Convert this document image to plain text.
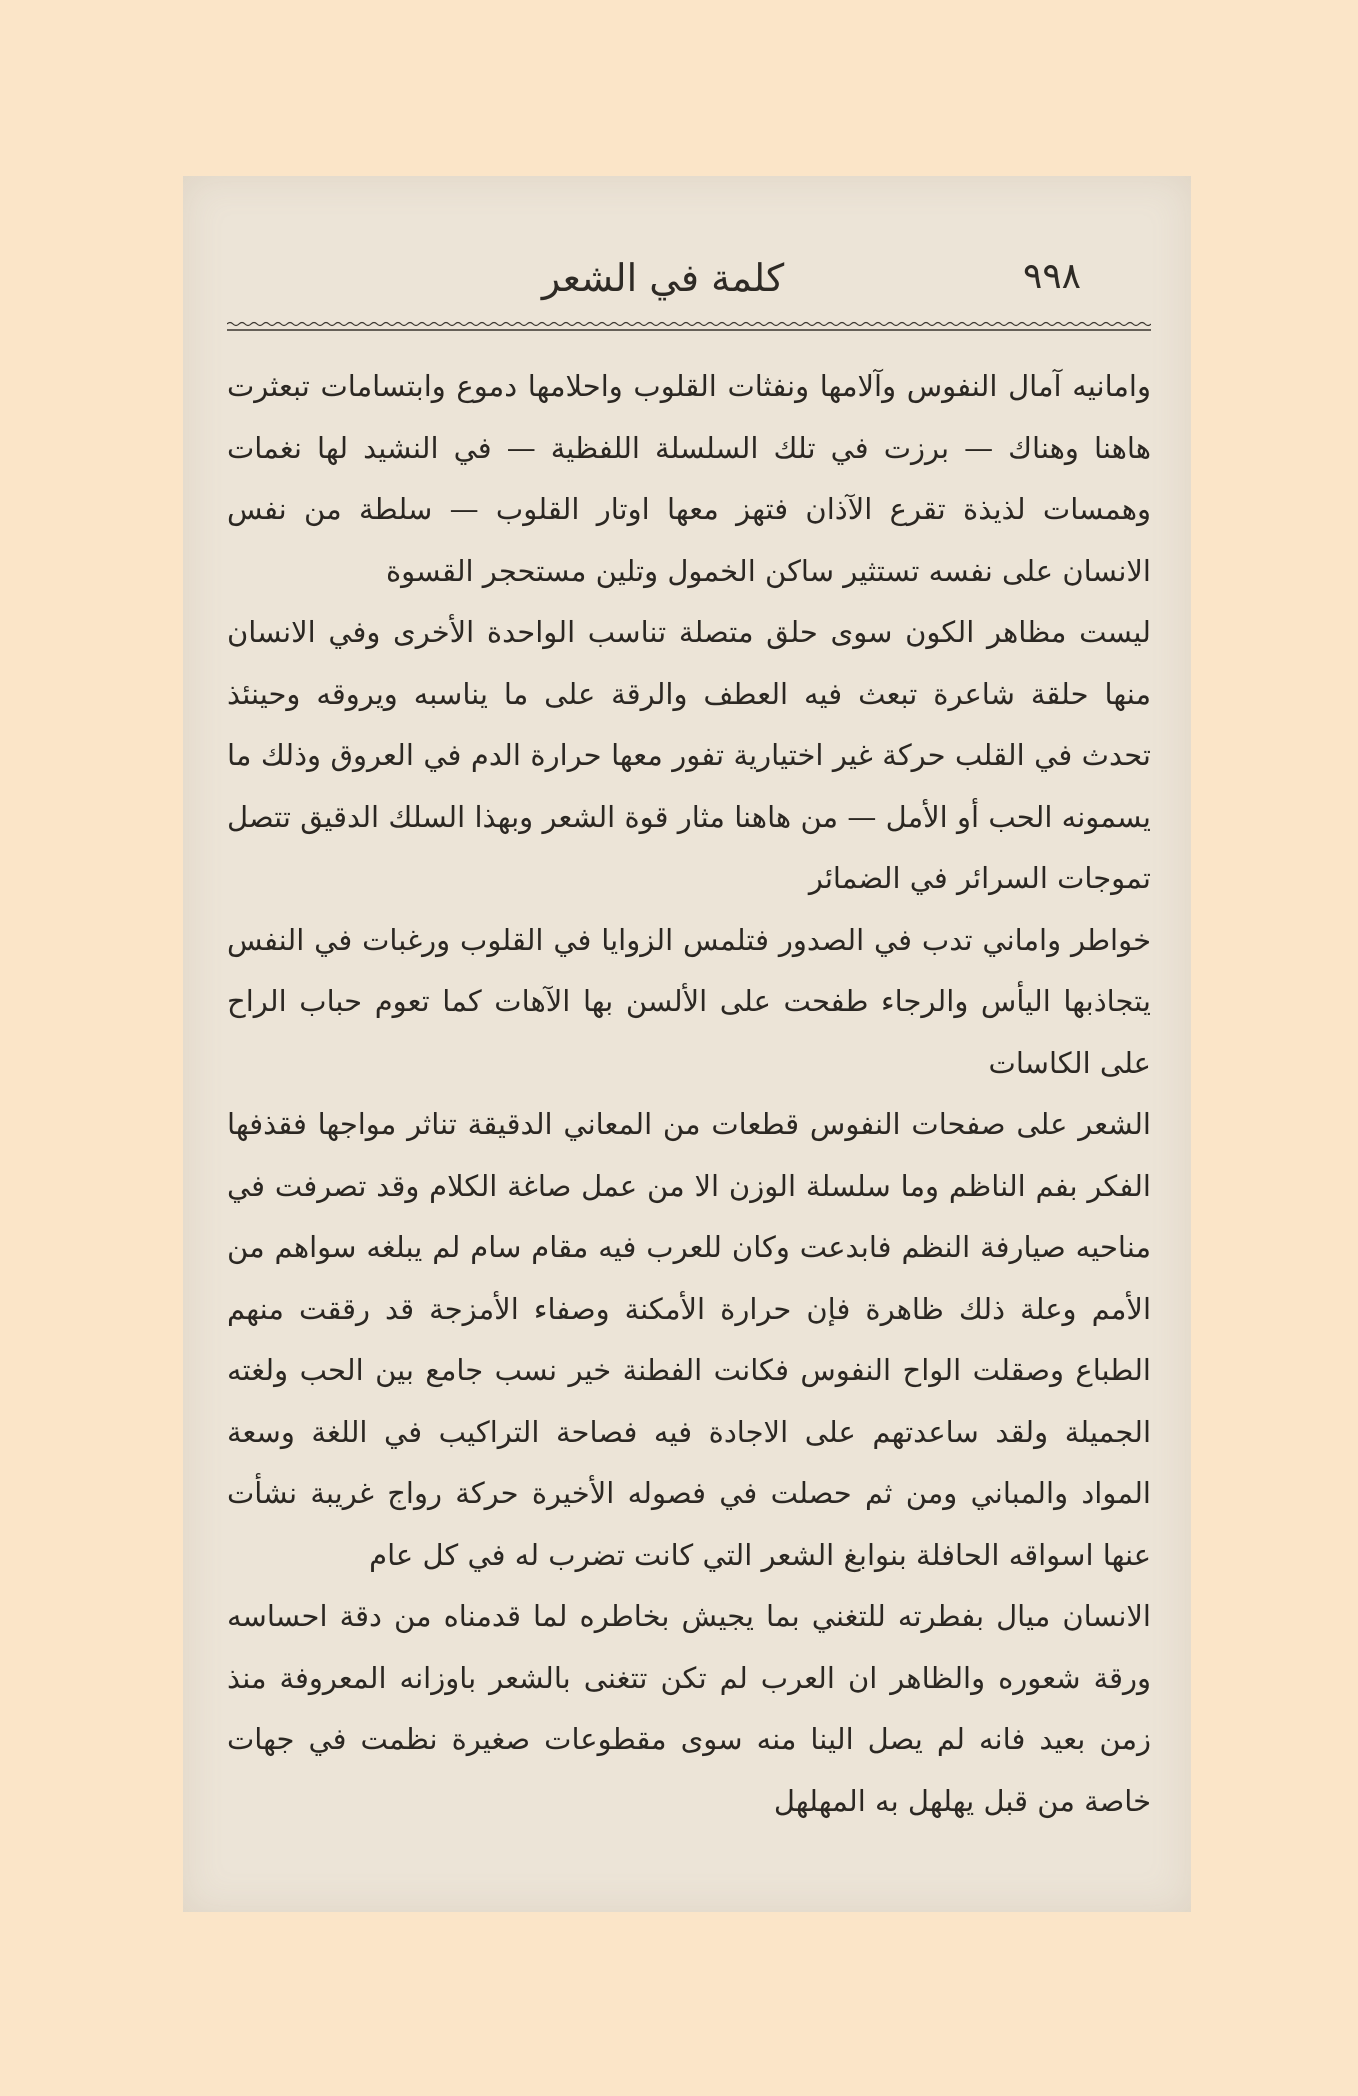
٩٩٨
كلمة في الشعر

وامانيه آمال النفوس وآلامها ونفثات القلوب واحلامها دموع وابتسامات تبعثرت هاهنا وهناك — برزت في تلك السلسلة اللفظية — في النشيد لها نغمات وهمسات لذيذة تقرع الآذان فتهز معها اوتار القلوب — سلطة من نفس الانسان على نفسه تستثير ساكن الخمول وتلين مستحجر القسوة

ليست مظاهر الكون سوى حلق متصلة تناسب الواحدة الأخرى وفي الانسان منها حلقة شاعرة تبعث فيه العطف والرقة على ما يناسبه ويروقه وحينئذ تحدث في القلب حركة غير اختيارية تفور معها حرارة الدم في العروق وذلك ما يسمونه الحب أو الأمل — من هاهنا مثار قوة الشعر وبهذا السلك الدقيق تتصل تموجات السرائر في الضمائر

خواطر واماني تدب في الصدور فتلمس الزوايا في القلوب ورغبات في النفس يتجاذبها اليأس والرجاء طفحت على الألسن بها الآهات كما تعوم حباب الراح على الكاسات

الشعر على صفحات النفوس قطعات من المعاني الدقيقة تناثر مواجها فقذفها الفكر بفم الناظم وما سلسلة الوزن الا من عمل صاغة الكلام وقد تصرفت في مناحيه صيارفة النظم فابدعت وكان للعرب فيه مقام سام لم يبلغه سواهم من الأمم وعلة ذلك ظاهرة فإن حرارة الأمكنة وصفاء الأمزجة قد رققت منهم الطباع وصقلت الواح النفوس فكانت الفطنة خير نسب جامع بين الحب ولغته الجميلة ولقد ساعدتهم على الاجادة فيه فصاحة التراكيب في اللغة وسعة المواد والمباني ومن ثم حصلت في فصوله الأخيرة حركة رواج غريبة نشأت عنها اسواقه الحافلة بنوابغ الشعر التي كانت تضرب له في كل عام

الانسان ميال بفطرته للتغني بما يجيش بخاطره لما قدمناه من دقة احساسه ورقة شعوره والظاهر ان العرب لم تكن تتغنى بالشعر باوزانه المعروفة منذ زمن بعيد فانه لم يصل الينا منه سوى مقطوعات صغيرة نظمت في جهات خاصة من قبل يهلهل به المهلهل
